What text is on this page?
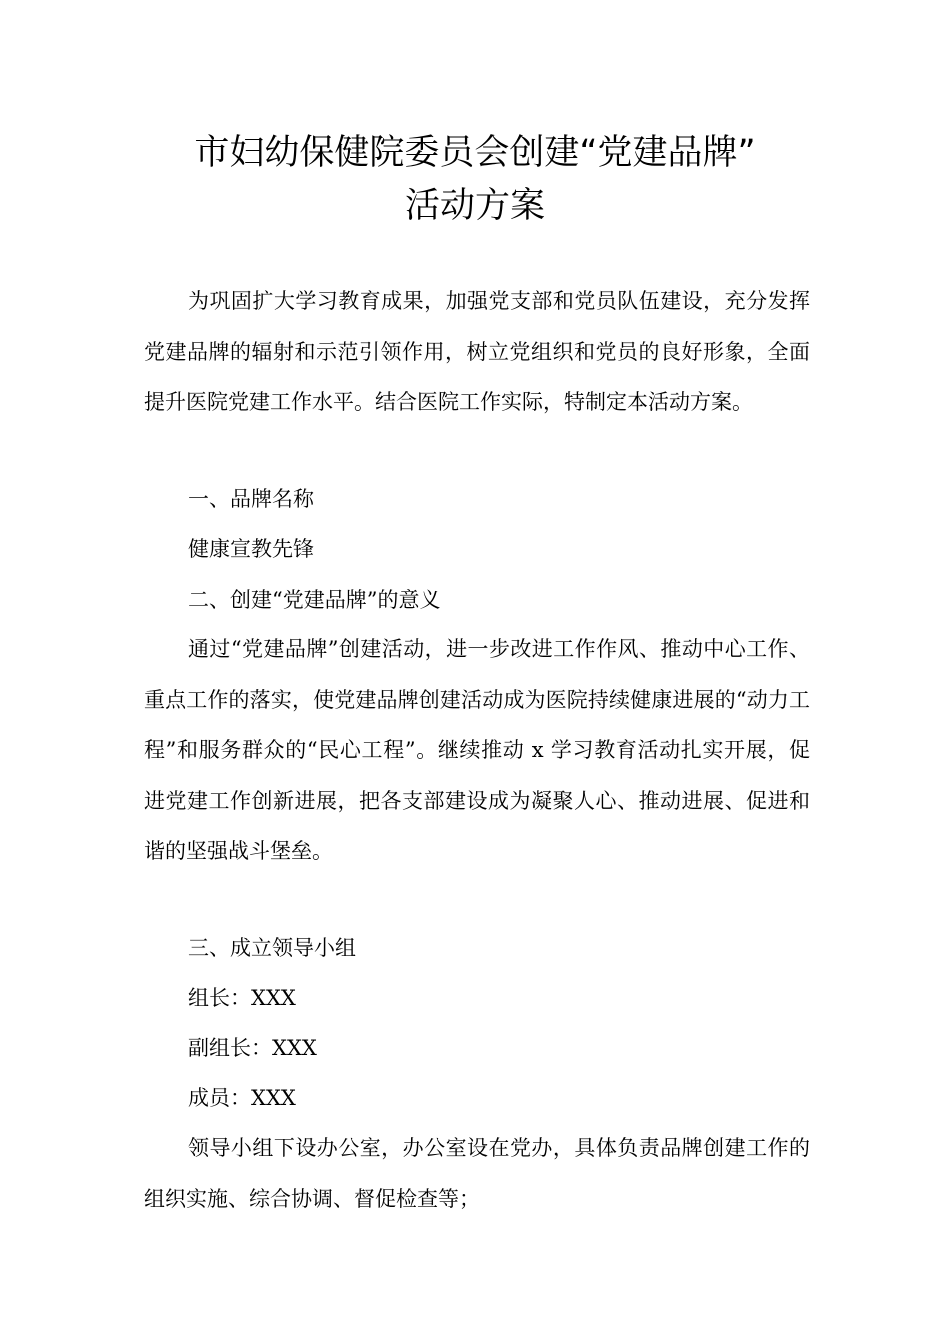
市妇幼保健院委员会创建“党建品牌”
活动方案

为巩固扩大学习教育成果，加强党支部和党员队伍建设，充分发挥党建品牌的辐射和示范引领作用，树立党组织和党员的良好形象，全面提升医院党建工作水平。结合医院工作实际，特制定本活动方案。

一、品牌名称

健康宣教先锋

二、创建“党建品牌”的意义

通过“党建品牌”创建活动，进一步改进工作作风、推动中心工作、重点工作的落实，使党建品牌创建活动成为医院持续健康进展的“动力工程”和服务群众的“民心工程”。继续推动 x 学习教育活动扎实开展，促进党建工作创新进展，把各支部建设成为凝聚人心、推动进展、促进和谐的坚强战斗堡垒。

三、成立领导小组

组长：XXX

副组长：XXX

成员：XXX

领导小组下设办公室，办公室设在党办，具体负责品牌创建工作的组织实施、综合协调、督促检查等；
